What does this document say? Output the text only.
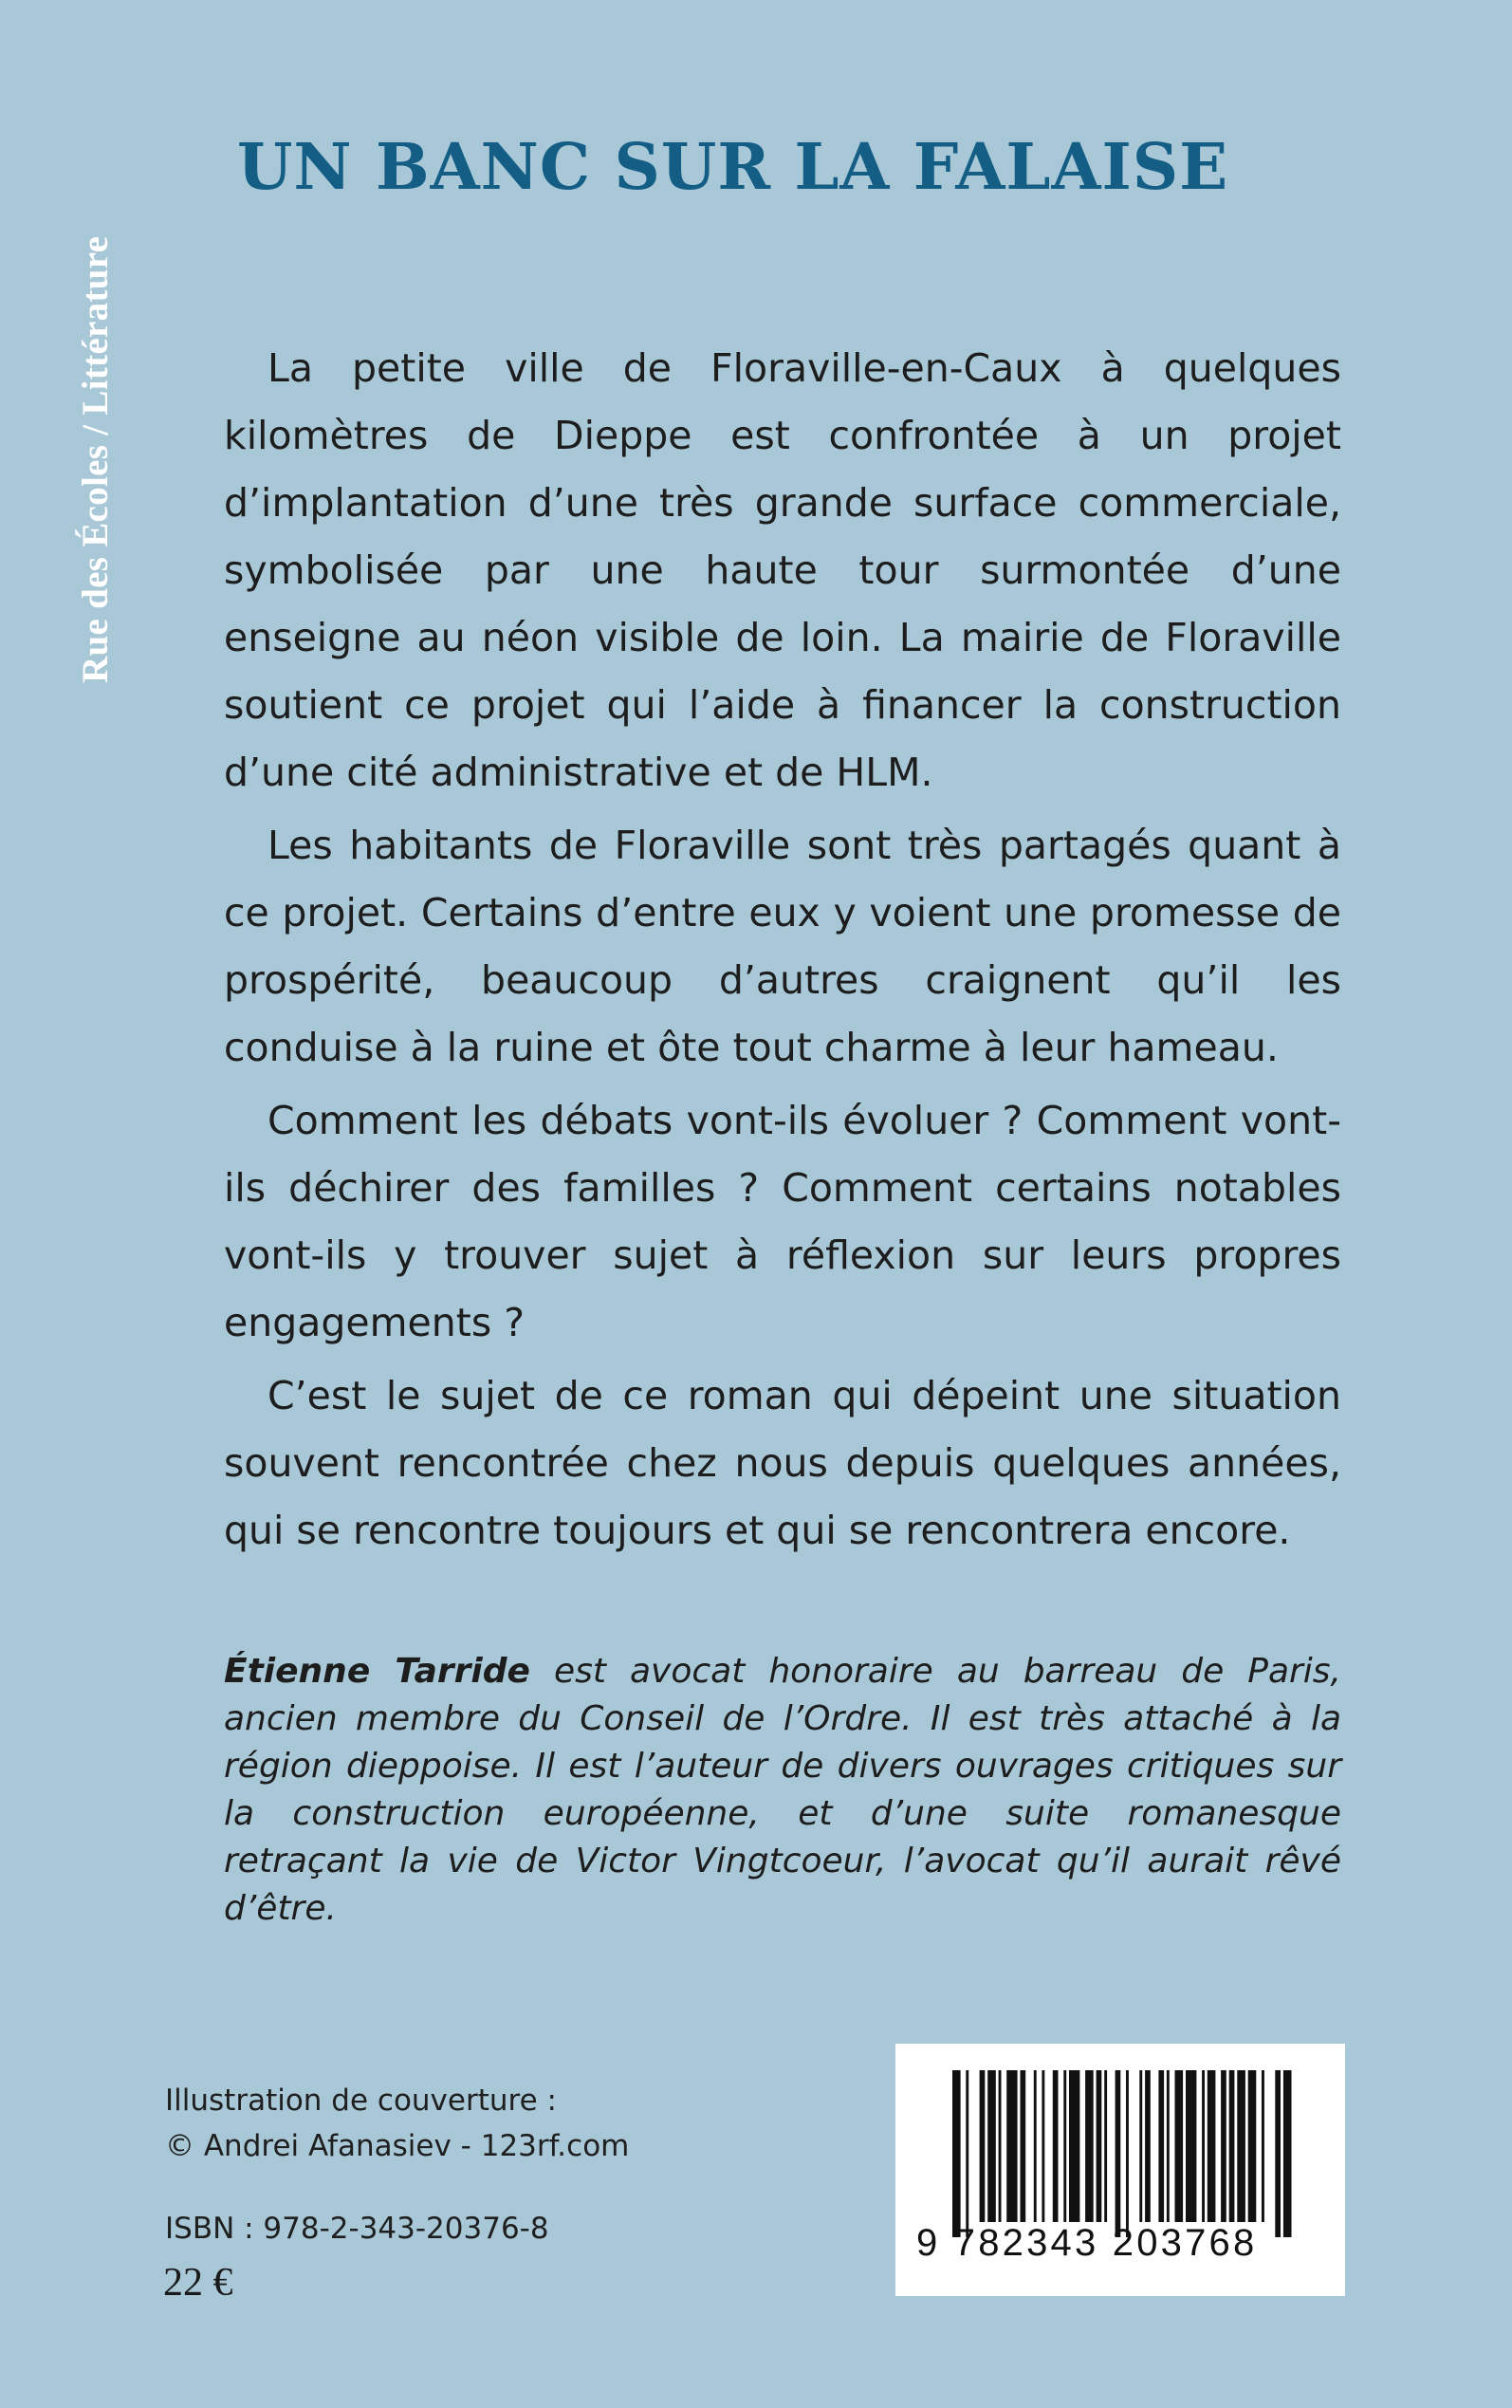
Rue des Écoles / Littérature
UN BANC SUR LA FALAISE

La petite ville de Floraville-en-Caux à quelques kilomètres de Dieppe est confrontée à un projet d’implantation d’une très grande surface commerciale, symbolisée par une haute tour surmontée d’une enseigne au néon visible de loin. La mairie de Floraville soutient ce projet qui l’aide à financer la construction d’une cité administrative et de HLM.

Les habitants de Floraville sont très partagés quant à ce projet. Certains d’entre eux y voient une promesse de prospérité, beaucoup d’autres craignent qu’il les conduise à la ruine et ôte tout charme à leur hameau.

Comment les débats vont-ils évoluer ? Comment vont-ils déchirer des familles ? Comment certains notables vont-ils y trouver sujet à réflexion sur leurs propres engagements ?

C’est le sujet de ce roman qui dépeint une situation souvent rencontrée chez nous depuis quelques années, qui se rencontre toujours et qui se rencontrera encore.

Étienne Tarride est avocat honoraire au barreau de Paris, ancien membre du Conseil de l’Ordre. Il est très attaché à la région dieppoise. Il est l’auteur de divers ouvrages critiques sur la construction européenne, et d’une suite romanesque retraçant la vie de Victor Vingtcoeur, l’avocat qu’il aurait rêvé d’être.

Illustration de couverture :
© Andrei Afanasiev - 123rf.com
ISBN : 978-2-343-20376-8
22 €
9 782343 203768
